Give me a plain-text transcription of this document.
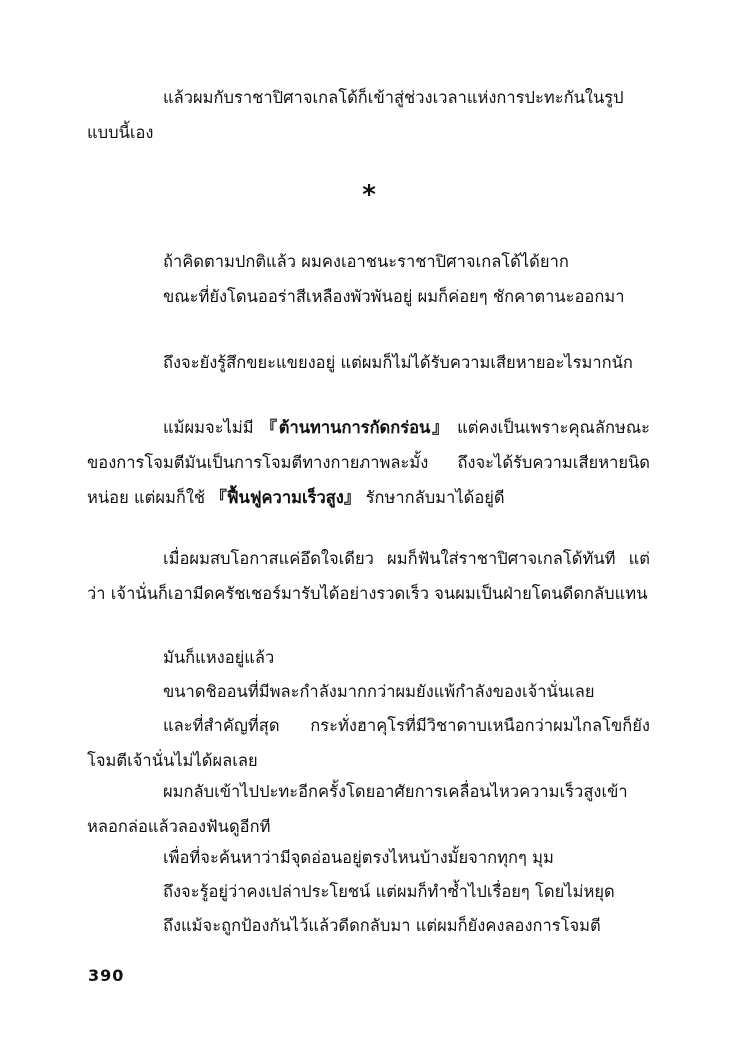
แล้วผมกับราชาปิศาจเกลโด้ก็เข้าสู่ช่วงเวลาแห่งการปะทะกันในรูปแบบนี้เอง

*

ถ้าคิดตามปกติแล้ว ผมคงเอาชนะราชาปิศาจเกลโด้ได้ยาก

ขณะที่ยังโดนออร่าสีเหลืองพัวพันอยู่ ผมก็ค่อยๆ ชักคาตานะออกมา

ถึงจะยังรู้สึกขยะแขยงอยู่ แต่ผมก็ไม่ได้รับความเสียหายอะไรมากนัก

แม้ผมจะไม่มี 『ต้านทานการกัดกร่อน』 แต่คงเป็นเพราะคุณลักษณะของการโจมตีมันเป็นการโจมตีทางกายภาพละมั้ง ถึงจะได้รับความเสียหายนิดหน่อย แต่ผมก็ใช้ 『ฟื้นฟูความเร็วสูง』 รักษากลับมาได้อยู่ดี

เมื่อผมสบโอกาสแค่อึดใจเดียว ผมก็ฟันใส่ราชาปิศาจเกลโด้ทันที แต่ว่า เจ้านั่นก็เอามีดครัชเชอร์มารับได้อย่างรวดเร็ว จนผมเป็นฝ่ายโดนดีดกลับแทน

มันก็แหงอยู่แล้ว

ขนาดชิออนที่มีพละกำลังมากกว่าผมยังแพ้กำลังของเจ้านั่นเลย

และที่สำคัญที่สุด กระทั่งฮาคุโรที่มีวิชาดาบเหนือกว่าผมไกลโขก็ยังโจมตีเจ้านั่นไม่ได้ผลเลย

ผมกลับเข้าไปปะทะอีกครั้งโดยอาศัยการเคลื่อนไหวความเร็วสูงเข้าหลอกล่อแล้วลองฟันดูอีกที

เพื่อที่จะค้นหาว่ามีจุดอ่อนอยู่ตรงไหนบ้างมั้ยจากทุกๆ มุม

ถึงจะรู้อยู่ว่าคงเปล่าประโยชน์ แต่ผมก็ทำซ้ำไปเรื่อยๆ โดยไม่หยุด

ถึงแม้จะถูกป้องกันไว้แล้วดีดกลับมา แต่ผมก็ยังคงลองการโจมตี

390
